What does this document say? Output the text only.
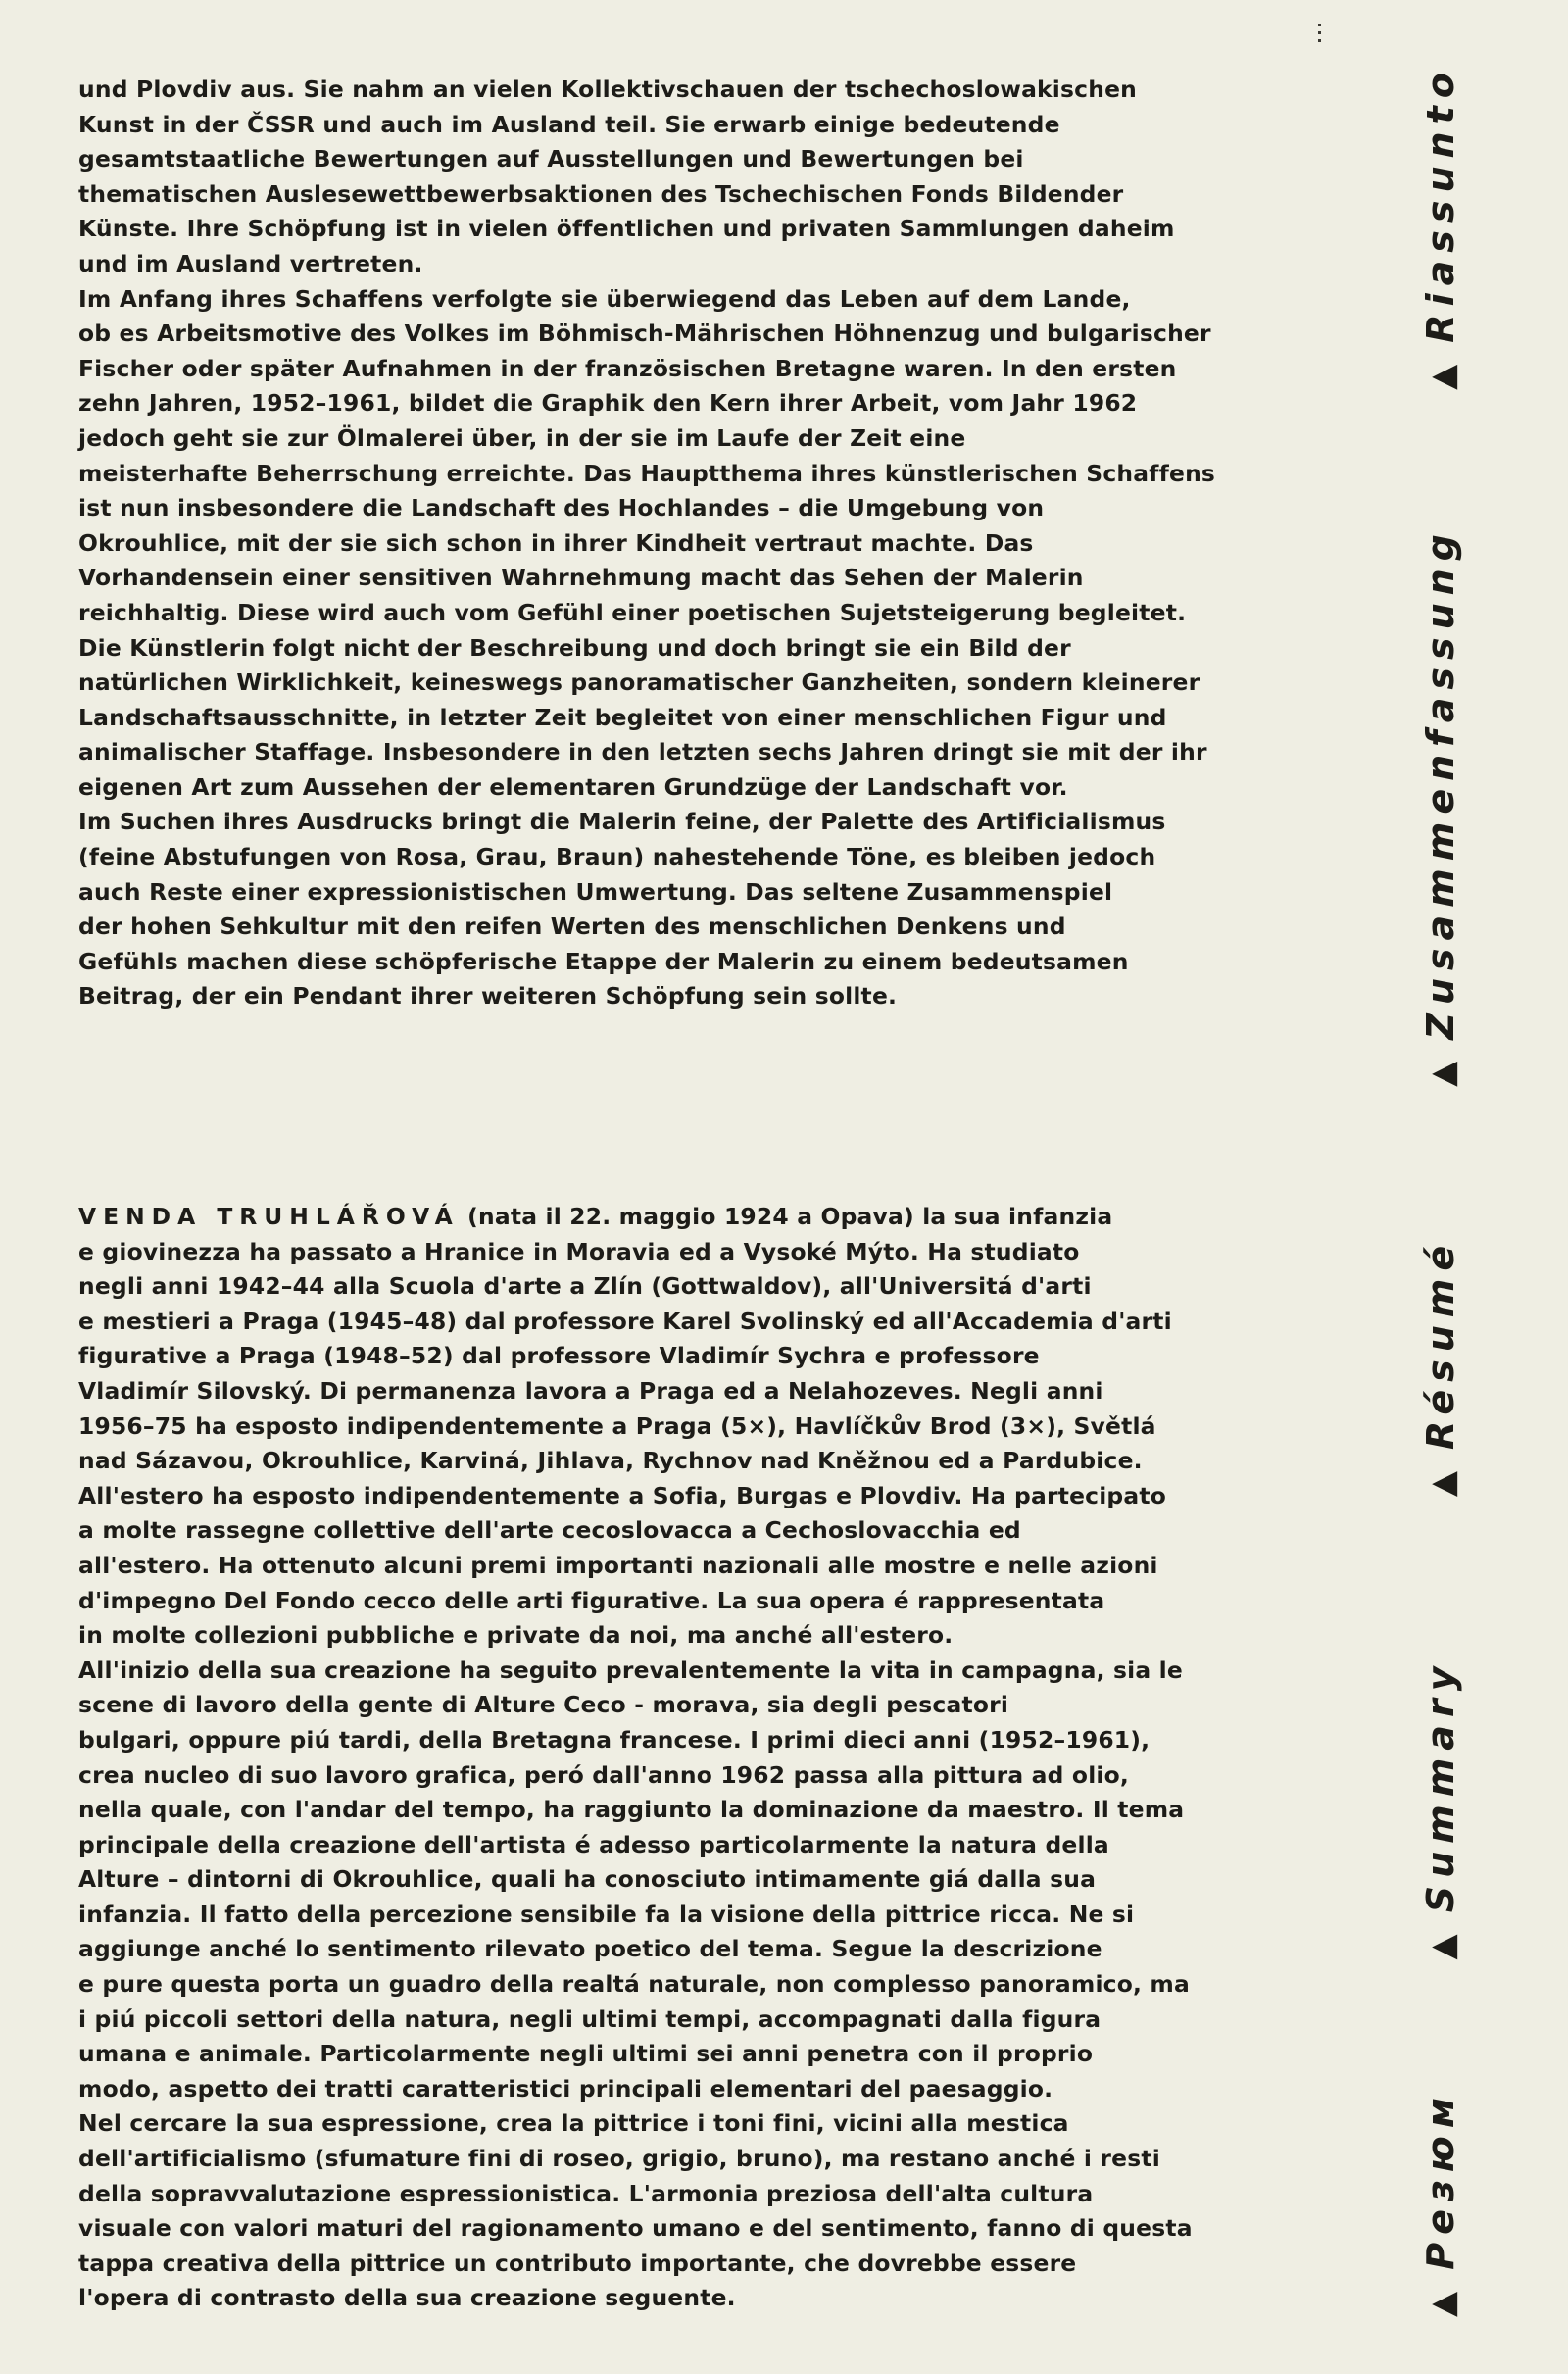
und Plovdiv aus. Sie nahm an vielen Kollektivschauen der tschechoslowakischen
Kunst in der ČSSR und auch im Ausland teil. Sie erwarb einige bedeutende
gesamtstaatliche Bewertungen auf Ausstellungen und Bewertungen bei
thematischen Auslesewettbewerbsaktionen des Tschechischen Fonds Bildender
Künste. Ihre Schöpfung ist in vielen öffentlichen und privaten Sammlungen daheim
und im Ausland vertreten.
Im Anfang ihres Schaffens verfolgte sie überwiegend das Leben auf dem Lande,
ob es Arbeitsmotive des Volkes im Böhmisch-Mährischen Höhnenzug und bulgarischer
Fischer oder später Aufnahmen in der französischen Bretagne waren. In den ersten
zehn Jahren, 1952–1961, bildet die Graphik den Kern ihrer Arbeit, vom Jahr 1962
jedoch geht sie zur Ölmalerei über, in der sie im Laufe der Zeit eine
meisterhafte Beherrschung erreichte. Das Hauptthema ihres künstlerischen Schaffens
ist nun insbesondere die Landschaft des Hochlandes – die Umgebung von
Okrouhlice, mit der sie sich schon in ihrer Kindheit vertraut machte. Das
Vorhandensein einer sensitiven Wahrnehmung macht das Sehen der Malerin
reichhaltig. Diese wird auch vom Gefühl einer poetischen Sujetsteigerung begleitet.
Die Künstlerin folgt nicht der Beschreibung und doch bringt sie ein Bild der
natürlichen Wirklichkeit, keineswegs panoramatischer Ganzheiten, sondern kleinerer
Landschaftsausschnitte, in letzter Zeit begleitet von einer menschlichen Figur und
animalischer Staffage. Insbesondere in den letzten sechs Jahren dringt sie mit der ihr
eigenen Art zum Aussehen der elementaren Grundzüge der Landschaft vor.
Im Suchen ihres Ausdrucks bringt die Malerin feine, der Palette des Artificialismus
(feine Abstufungen von Rosa, Grau, Braun) nahestehende Töne, es bleiben jedoch
auch Reste einer expressionistischen Umwertung. Das seltene Zusammenspiel
der hohen Sehkultur mit den reifen Werten des menschlichen Denkens und
Gefühls machen diese schöpferische Etappe der Malerin zu einem bedeutsamen
Beitrag, der ein Pendant ihrer weiteren Schöpfung sein sollte.
VENDA TRUHLÁŘOVÁ (nata il 22. maggio 1924 a Opava) la sua infanzia
e giovinezza ha passato a Hranice in Moravia ed a Vysoké Mýto. Ha studiato
negli anni 1942–44 alla Scuola d'arte a Zlín (Gottwaldov), all'Universitá d'arti
e mestieri a Praga (1945–48) dal professore Karel Svolinský ed all'Accademia d'arti
figurative a Praga (1948–52) dal professore Vladimír Sychra e professore
Vladimír Silovský. Di permanenza lavora a Praga ed a Nelahozeves. Negli anni
1956–75 ha esposto indipendentemente a Praga (5×), Havlíčkův Brod (3×), Světlá
nad Sázavou, Okrouhlice, Karviná, Jihlava, Rychnov nad Kněžnou ed a Pardubice.
All'estero ha esposto indipendentemente a Sofia, Burgas e Plovdiv. Ha partecipato
a molte rassegne collettive dell'arte cecoslovacca a Cechoslovacchia ed
all'estero. Ha ottenuto alcuni premi importanti nazionali alle mostre e nelle azioni
d'impegno Del Fondo cecco delle arti figurative. La sua opera é rappresentata
in molte collezioni pubbliche e private da noi, ma anché all'estero.
All'inizio della sua creazione ha seguito prevalentemente la vita in campagna, sia le
scene di lavoro della gente di Alture Ceco - morava, sia degli pescatori
bulgari, oppure piú tardi, della Bretagna francese. I primi dieci anni (1952–1961),
crea nucleo di suo lavoro grafica, peró dall'anno 1962 passa alla pittura ad olio,
nella quale, con l'andar del tempo, ha raggiunto la dominazione da maestro. Il tema
principale della creazione dell'artista é adesso particolarmente la natura della
Alture – dintorni di Okrouhlice, quali ha conosciuto intimamente giá dalla sua
infanzia. Il fatto della percezione sensibile fa la visione della pittrice ricca. Ne si
aggiunge anché lo sentimento rilevato poetico del tema. Segue la descrizione
e pure questa porta un guadro della realtá naturale, non complesso panoramico, ma
i piú piccoli settori della natura, negli ultimi tempi, accompagnati dalla figura
umana e animale. Particolarmente negli ultimi sei anni penetra con il proprio
modo, aspetto dei tratti caratteristici principali elementari del paesaggio.
Nel cercare la sua espressione, crea la pittrice i toni fini, vicini alla mestica
dell'artificialismo (sfumature fini di roseo, grigio, bruno), ma restano anché i resti
della sopravvalutazione espressionistica. L'armonia preziosa dell'alta cultura
visuale con valori maturi del ragionamento umano e del sentimento, fanno di questa
tappa creativa della pittrice un contributo importante, che dovrebbe essere
l'opera di contrasto della sua creazione seguente.
▲Riassunto
▲Zusammenfassung
▲Résumé
▲Summary
▲Резюм
